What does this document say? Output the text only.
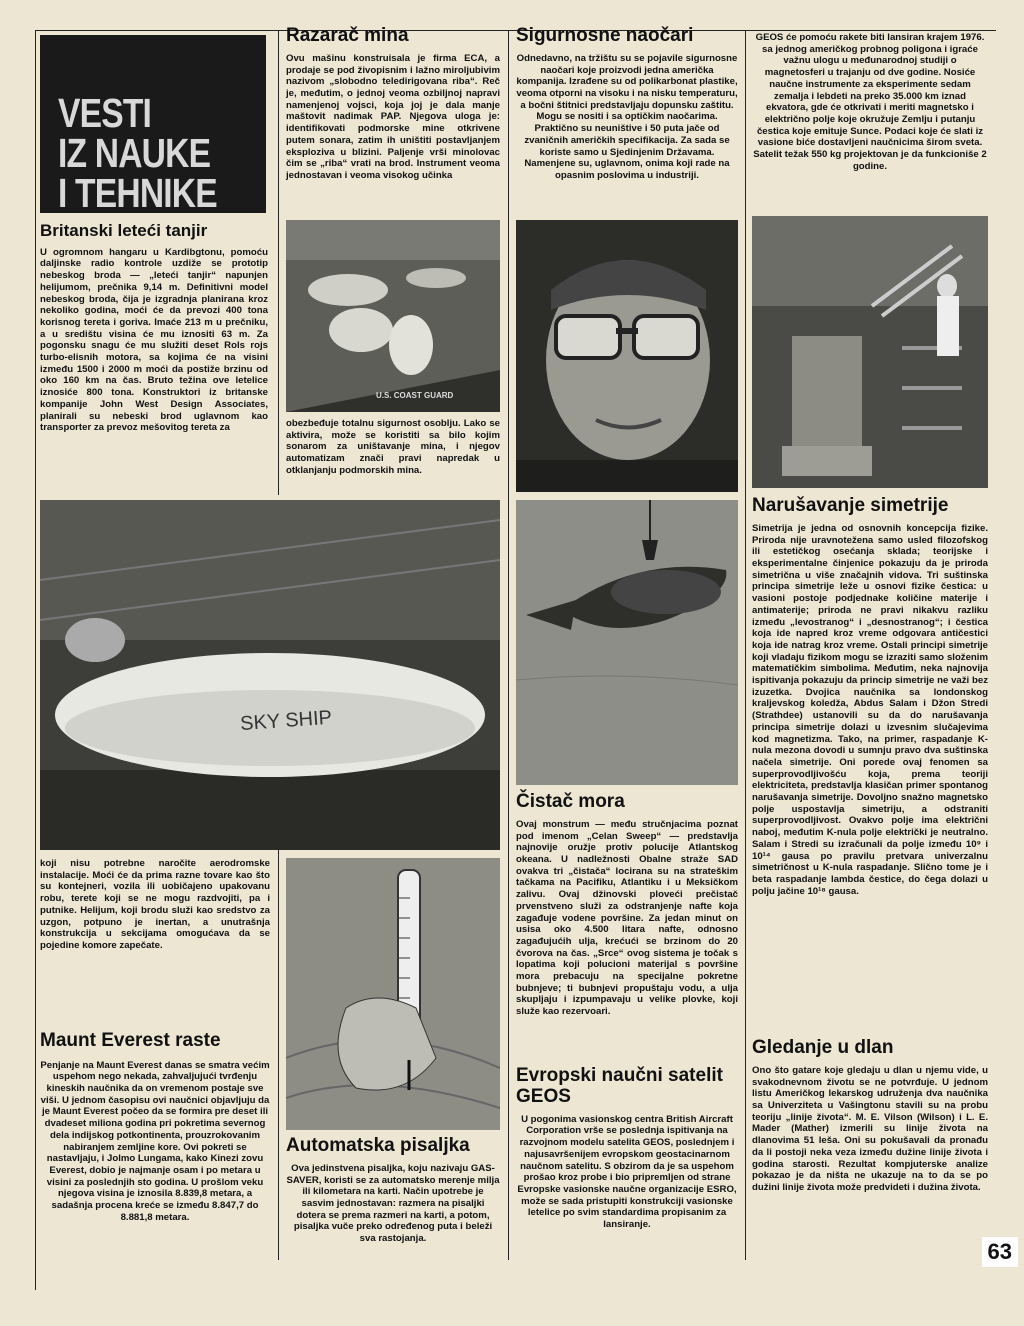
VESTI
IZ NAUKE
I TEHNIKE
Britanski leteći tanjir

U ogromnom hangaru u Kardibgtonu, pomoću daljinske radio kontrole uzdiže se prototip nebeskog broda — „leteći tanjir“ napunjen helijumom, prečnika 9,14 m. Definitivni model nebeskog broda, čija je izgradnja planirana kroz nekoliko godina, moći će da prevozi 400 tona korisnog tereta i goriva. Imaće 213 m u prečniku, a u središtu visina će mu iznositi 63 m. Za pogonsku snagu će mu služiti deset Rols rojs turbo-elisnih motora, sa kojima će na visini između 1500 i 2000 m moći da postiže brzinu od oko 160 km na čas. Bruto težina ove letelice iznosiće 800 tona. Konstruktori iz britanske kompanije John West Design Associates, planirali su nebeski brod uglavnom kao transporter za prevoz mešovitog tereta za

Razarač mina

Ovu mašinu konstruisala je firma ECA, a prodaje se pod živopisnim i lažno miroljubivim nazivom „slobodno teledirigovana riba“. Reč je, međutim, o jednoj veoma ozbiljnoj napravi namenjenoj vojsci, koja joj je dala manje maštovit nadimak PAP. Njegova uloga je: identifikovati podmorske mine otkrivene putem sonara, zatim ih uništiti postavljanjem eksploziva u blizini. Paljenje vrši minolovac čim se „riba“ vrati na brod. Instrument veoma jednostavan i veoma visokog učinka

U.S. COAST GUARD

obezbeđuje totalnu sigurnost osoblju. Lako se aktivira, može se koristiti sa bilo kojim sonarom za uništavanje mina, i njegov automatizam znači pravi napredak u otklanjanju podmorskih mina.

Sigurnosne naočari

Odnedavno, na tržištu su se pojavile sigurnosne naočari koje proizvodi jedna američka kompanija. Izrađene su od polikarbonat plastike, veoma otporni na visoku i na nisku temperaturu, a bočni štitnici predstavljaju dopunsku zaštitu. Mogu se nositi i sa optičkim naočarima. Praktično su neuništive i 50 puta jače od zvaničnih američkih specifikacija. Za sada se koriste samo u Sjedinjenim Državama. Namenjene su, uglavnom, onima koji rade na opasnim poslovima u industriji.

GEOS će pomoću rakete biti lansiran krajem 1976. sa jednog američkog probnog poligona i igraće važnu ulogu u međunarodnoj studiji o magnetosferi u trajanju od dve godine. Nosiće naučne instrumente za eksperimente sedam zemalja i lebdeti na preko 35.000 km iznad ekvatora, gde će otkrivati i meriti magnetsko i električno polje koje okružuje Zemlju i putanju čestica koje emituje Sunce. Podaci koje će slati iz vasione biće dostavljeni naučnicima širom sveta. Satelit težak 550 kg projektovan je da funkcioniše 2 godine.

Narušavanje simetrije

Simetrija je jedna od osnovnih koncepcija fizike. Priroda nije uravnotežena samo usled filozofskog ili estetičkog osećanja sklada; teorijske i eksperimentalne činjenice pokazuju da je priroda simetrična u više značajnih vidova. Tri suštinska principa simetrije leže u osnovi fizike čestica: u vasioni postoje podjednake količine materije i antimaterije; priroda ne pravi nikakvu razliku između „levostranog“ i „desnostranog“; i čestica koja ide napred kroz vreme odgovara antičestici koja ide natrag kroz vreme. Ostali principi simetrije koji vladaju fizikom mogu se izraziti samo složenim matematičkim simbolima. Međutim, neka najnovija ispitivanja pokazuju da princip simetrije ne važi bez izuzetka. Dvojica naučnika sa londonskog kraljevskog koledža, Abdus Salam i Džon Stredi (Strathdee) ustanovili su da do narušavanja principa simetrije dolazi u izvesnim slučajevima kod magnetizma. Tako, na primer, raspadanje K-nula mezona dovodi u sumnju pravo dva suštinska načela simetrije. Oni porede ovaj fenomen sa superprovodljivošću koja, prema teoriji elektriciteta, predstavlja klasičan primer spontanog narušavanja simetrije. Dovoljno snažno magnetsko polje uspostavlja simetriju, a odstraniti superprovodljivost. Ovakvo polje ima električni naboj, međutim K-nula polje električki je neutralno. Salam i Stredi su izračunali da polje između 10⁹ i 10¹⁴ gausa po pravilu pretvara univerzalnu simetričnost u K-nula raspadanje. Slično tome je i beta raspadanje lambda čestice, do čega dolazi u polju jačine 10¹⁸ gausa.

Gledanje u dlan

Ono što gatare koje gledaju u dlan u njemu vide, u svakodnevnom životu se ne potvrđuje. U jednom listu Američkog lekarskog udruženja dva naučnika sa Univerziteta u Vašingtonu stavili su na probu teoriju „linije života“. M. E. Vilson (Wilson) i L. E. Mader (Mather) izmerili su linije života na dlanovima 51 leša. Oni su pokušavali da pronađu da li postoji neka veza između dužine linije života i godina starosti. Rezultat kompjuterske analize pokazao je da ništa ne ukazuje na to da se po dužini linije života može predvideti i dužina života.

SKY SHIP

koji nisu potrebne naročite aerodromske instalacije. Moći će da prima razne tovare kao što su kontejneri, vozila ili uobičajeno upakovanu robu, terete koji se ne mogu razdvojiti, pa i putnike. Helijum, koji brodu služi kao sredstvo za uzgon, potpuno je inertan, a unutrašnja konstrukcija u sekcijama omogućava da se pojedine komore zapečate.

Maunt Everest raste

Penjanje na Maunt Everest danas se smatra većim uspehom nego nekada, zahvaljujući tvrđenju kineskih naučnika da on vremenom postaje sve viši. U jednom časopisu ovi naučnici objavljuju da je Maunt Everest počeo da se formira pre deset ili dvadeset miliona godina pri pokretima severnog dela indijskog potkontinenta, prouzrokovanim nabiranjem zemljine kore. Ovi pokreti se nastavljaju, i Jolmo Lungama, kako Kinezi zovu Everest, dobio je najmanje osam i po metara u visini za poslednjih sto godina. U prošlom veku njegova visina je iznosila 8.839,8 metara, a sadašnja procena kreće se između 8.847,7 do 8.881,8 metara.

Automatska pisaljka

Ova jedinstvena pisaljka, koju nazivaju GAS-SAVER, koristi se za automatsko merenje milja ili kilometara na karti. Način upotrebe je sasvim jednostavan: razmera na pisaljki dotera se prema razmeri na karti, a potom, pisaljka vuče preko određenog puta i beleži sva rastojanja.

Čistač mora

Ovaj monstrum — među stručnjacima poznat pod imenom „Celan Sweep“ — predstavlja najnovije oružje protiv polucije Atlantskog okeana. U nadležnosti Obalne straže SAD ovakva tri „čistača“ locirana su na strateškim tačkama na Pacifiku, Atlantiku i u Meksičkom zalivu. Ovaj džinovski ploveći prečistač prvenstveno služi za odstranjenje nafte koja zagađuje vodene površine. Za jedan minut on usisa oko 4.500 litara nafte, odnosno zagađujućih ulja, krećući se brzinom do 20 čvorova na čas. „Srce“ ovog sistema je točak s lopatima koji polucioni materijal s površine mora prebacuju na specijalne pokretne bubnjeve; ti bubnjevi propuštaju vodu, a ulja skupljaju i izpumpavaju u velike plovke, koji služe kao rezervoari.

Evropski naučni satelit GEOS

U pogonima vasionskog centra British Aircraft Corporation vrše se poslednja ispitivanja na razvojnom modelu satelita GEOS, poslednjem i najusavršenijem evropskom geostacinarnom naučnom satelitu. S obzirom da je sa uspehom prošao kroz probe i bio pripremljen od strane Evropske vasionske naučne organizacije ESRO, može se sada pristupiti konstrukciji vasionske letelice po svim standardima propisanim za lansiranje.

63
